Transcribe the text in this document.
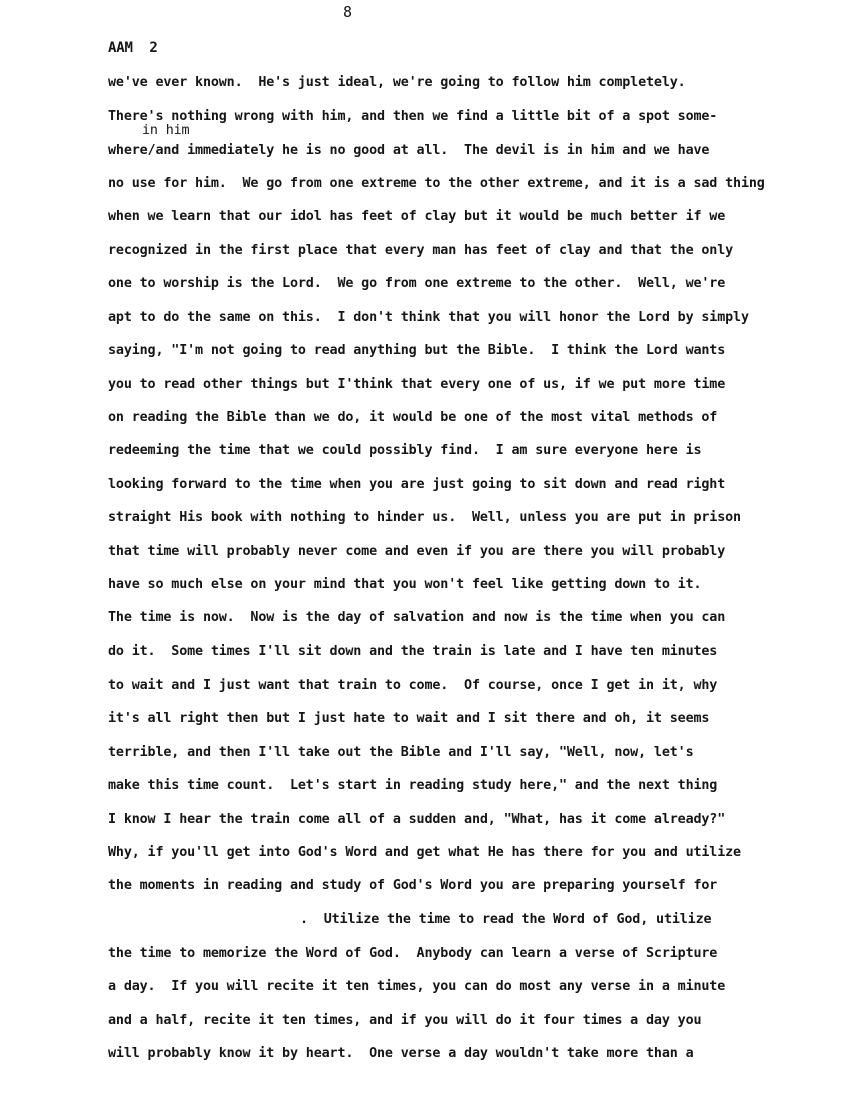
8
AAM  2
in him
we've ever known.  He's just ideal, we're going to follow him completely.
There's nothing wrong with him, and then we find a little bit of a spot some-
where/and immediately he is no good at all.  The devil is in him and we have
no use for him.  We go from one extreme to the other extreme, and it is a sad thing
when we learn that our idol has feet of clay but it would be much better if we
recognized in the first place that every man has feet of clay and that the only
one to worship is the Lord.  We go from one extreme to the other.  Well, we're
apt to do the same on this.  I don't think that you will honor the Lord by simply
saying, "I'm not going to read anything but the Bible.  I think the Lord wants
you to read other things but I'think that every one of us, if we put more time
on reading the Bible than we do, it would be one of the most vital methods of
redeeming the time that we could possibly find.  I am sure everyone here is
looking forward to the time when you are just going to sit down and read right
straight His book with nothing to hinder us.  Well, unless you are put in prison
that time will probably never come and even if you are there you will probably
have so much else on your mind that you won't feel like getting down to it.
The time is now.  Now is the day of salvation and now is the time when you can
do it.  Some times I'll sit down and the train is late and I have ten minutes
to wait and I just want that train to come.  Of course, once I get in it, why
it's all right then but I just hate to wait and I sit there and oh, it seems
terrible, and then I'll take out the Bible and I'll say, "Well, now, let's
make this time count.  Let's start in reading study here," and the next thing
I know I hear the train come all of a sudden and, "What, has it come already?"
Why, if you'll get into God's Word and get what He has there for you and utilize
the moments in reading and study of God's Word you are preparing yourself for
.  Utilize the time to read the Word of God, utilize
the time to memorize the Word of God.  Anybody can learn a verse of Scripture
a day.  If you will recite it ten times, you can do most any verse in a minute
and a half, recite it ten times, and if you will do it four times a day you
will probably know it by heart.  One verse a day wouldn't take more than a
